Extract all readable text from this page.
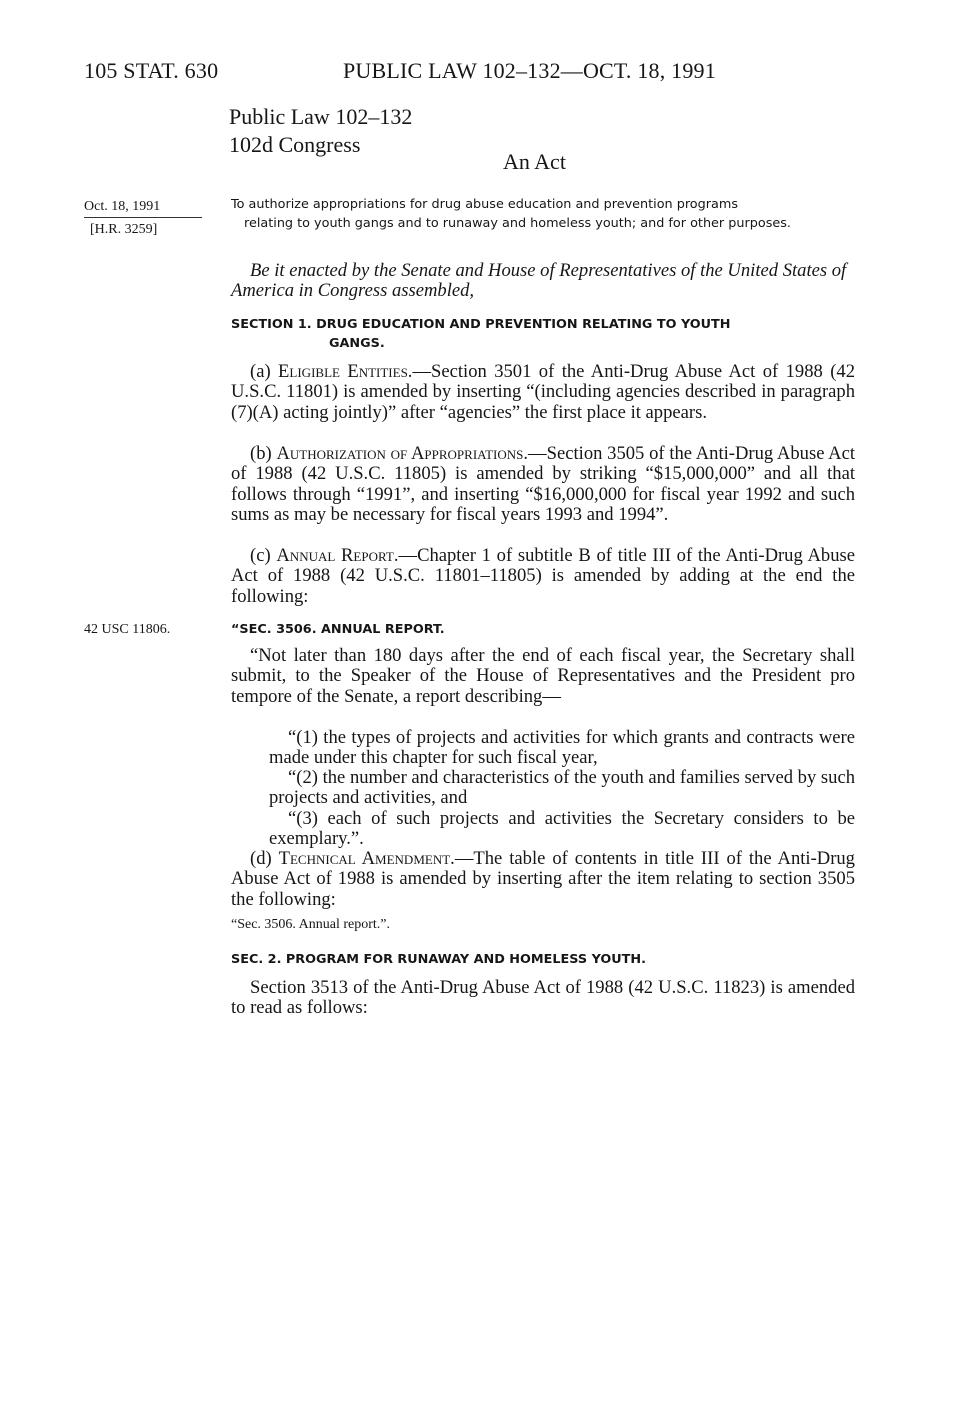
105 STAT. 630	PUBLIC LAW 102–132—OCT. 18, 1991
Public Law 102–132
102d Congress
An Act
Oct. 18, 1991
[H.R. 3259]
To authorize appropriations for drug abuse education and prevention programs
relating to youth gangs and to runaway and homeless youth; and for other purposes.

Be it enacted by the Senate and House of Representatives of the United States of America in Congress assembled,

SECTION 1. DRUG EDUCATION AND PREVENTION RELATING TO YOUTH
GANGS.

(a) Eligible Entities.—Section 3501 of the Anti-Drug Abuse Act of 1988 (42 U.S.C. 11801) is amended by inserting “(including agencies described in paragraph (7)(A) acting jointly)” after “agencies” the first place it appears.

(b) Authorization of Appropriations.—Section 3505 of the Anti-Drug Abuse Act of 1988 (42 U.S.C. 11805) is amended by striking “$15,000,000” and all that follows through “1991”, and inserting “$16,000,000 for fiscal year 1992 and such sums as may be necessary for fiscal years 1993 and 1994”.

(c) Annual Report.—Chapter 1 of subtitle B of title III of the Anti-Drug Abuse Act of 1988 (42 U.S.C. 11801–11805) is amended by adding at the end the following:

42 USC 11806.	“SEC. 3506. ANNUAL REPORT.

“Not later than 180 days after the end of each fiscal year, the Secretary shall submit, to the Speaker of the House of Representatives and the President pro tempore of the Senate, a report describing—

“(1) the types of projects and activities for which grants and contracts were made under this chapter for such fiscal year,

“(2) the number and characteristics of the youth and families served by such projects and activities, and

“(3) each of such projects and activities the Secretary considers to be exemplary.”.

(d) Technical Amendment.—The table of contents in title III of the Anti-Drug Abuse Act of 1988 is amended by inserting after the item relating to section 3505 the following:

“Sec. 3506. Annual report.”.
SEC. 2. PROGRAM FOR RUNAWAY AND HOMELESS YOUTH.

Section 3513 of the Anti-Drug Abuse Act of 1988 (42 U.S.C. 11823) is amended to read as follows:
